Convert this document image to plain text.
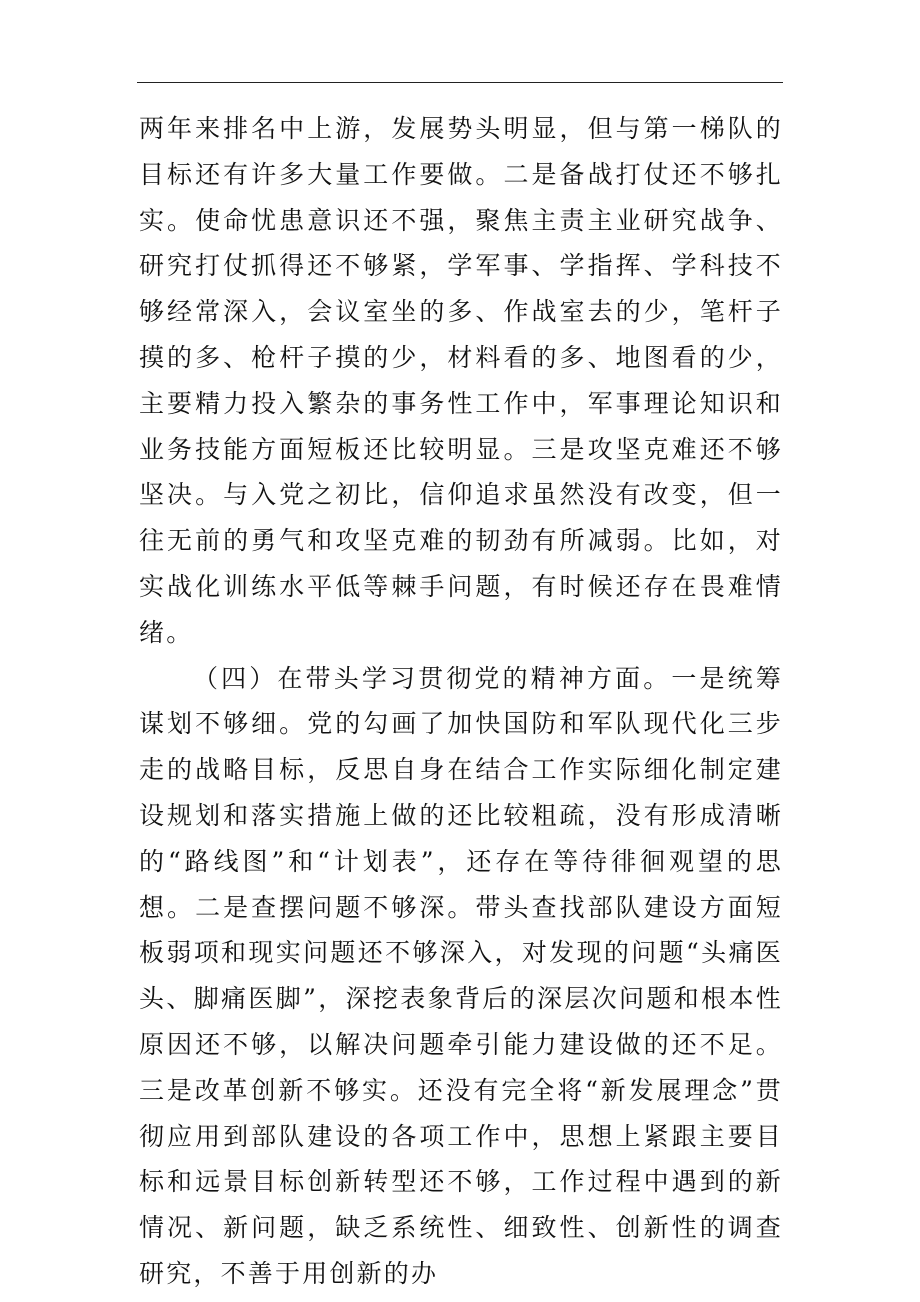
两年来排名中上游，发展势头明显，但与第一梯队的目标还有许多大量工作要做。二是备战打仗还不够扎实。使命忧患意识还不强，聚焦主责主业研究战争、研究打仗抓得还不够紧，学军事、学指挥、学科技不够经常深入，会议室坐的多、作战室去的少，笔杆子摸的多、枪杆子摸的少，材料看的多、地图看的少，主要精力投入繁杂的事务性工作中，军事理论知识和业务技能方面短板还比较明显。三是攻坚克难还不够坚决。与入党之初比，信仰追求虽然没有改变，但一往无前的勇气和攻坚克难的韧劲有所减弱。比如，对实战化训练水平低等棘手问题，有时候还存在畏难情绪。

（四）在带头学习贯彻党的精神方面。一是统筹谋划不够细。党的勾画了加快国防和军队现代化三步走的战略目标，反思自身在结合工作实际细化制定建设规划和落实措施上做的还比较粗疏，没有形成清晰的“路线图”和“计划表”，还存在等待徘徊观望的思想。二是查摆问题不够深。带头查找部队建设方面短板弱项和现实问题还不够深入，对发现的问题“头痛医头、脚痛医脚”，深挖表象背后的深层次问题和根本性原因还不够，以解决问题牵引能力建设做的还不足。三是改革创新不够实。还没有完全将“新发展理念”贯彻应用到部队建设的各项工作中，思想上紧跟主要目标和远景目标创新转型还不够，工作过程中遇到的新情况、新问题，缺乏系统性、细致性、创新性的调查研究，不善于用创新的办
